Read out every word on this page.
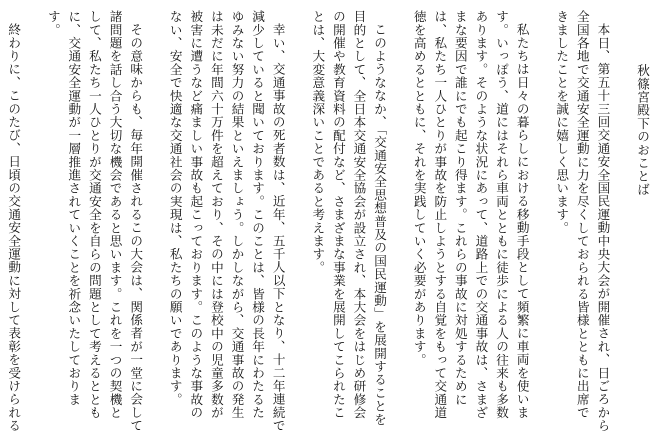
秋篠宮殿下のおことば
本日、第五十三回交通安全国民運動中央大会が開催され、日ごろから全国各地で交通安全運動に力を尽くしておられる皆様とともに出席できましたことを誠に嬉しく思います。
私たちは日々の暮らしにおける移動手段として頻繁に車両を使います。いっぽう、道にはそれら車両とともに徒歩による人の往来も多数あります。そのような状況にあって、道路上での交通事故は、さまざまな要因で誰にでも起こり得ます。これらの事故に対処するためには、私たち一人ひとりが事故を防止しようとする自覚をもって交通道徳を高めるとともに、それを実践していく必要があります。
このようななか、「交通安全思想普及の国民運動」を展開することを目的として、全日本交通安全協会が設立され、本大会をはじめ研修会の開催や教育資料の配付など、さまざまな事業を展開してこられたことは、大変意義深いことであると考えます。
幸い、交通事故の死者数は、近年、五千人以下となり、十二年連続で減少していると聞いております。このことは、皆様の長年にわたるたゆみない努力の結果といえましょう。しかしながら、交通事故の発生は未だに年間六十万件を超えており、その中には登校中の児童多数が被害に遭うなど痛ましい事故も起こっております。このような事故のない、安全で快適な交通社会の実現は、私たちの願いであります。
その意味からも、毎年開催されるこの大会は、関係者が一堂に会して諸問題を話し合う大切な機会であると思います。これを一つの契機として、私たち一人ひとりが交通安全を自らの問題として考えるとともに、交通安全運動が一層推進されていくことを祈念いたしております。
終わりに、このたび、日頃の交通安全運動に対して表彰を受けられる
